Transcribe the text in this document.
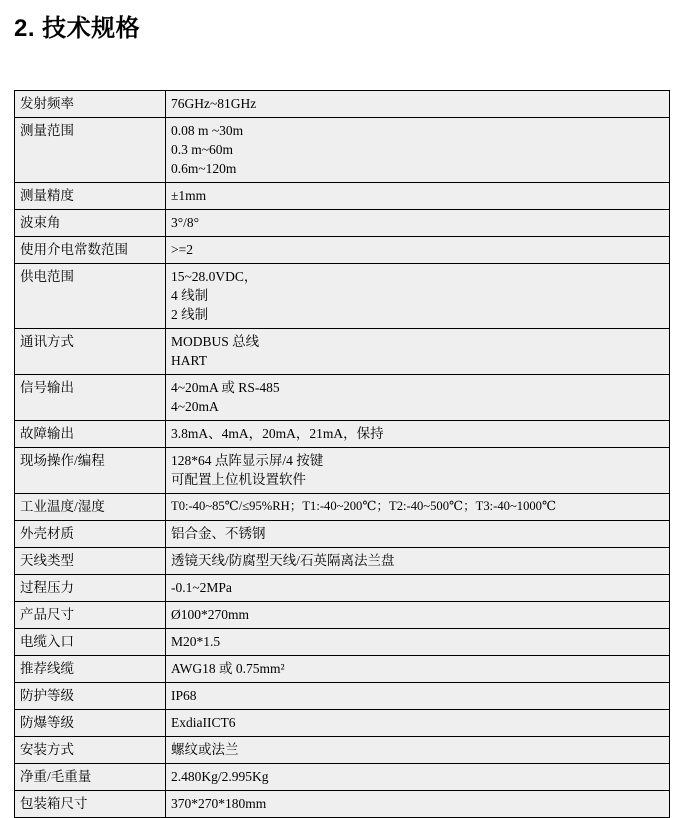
2. 技术规格
发射频率	76GHz~81GHz

测量范围	0.08 m ~30m
0.3 m~60m
0.6m~120m

测量精度	±1mm

波束角	3°/8°

使用介电常数范围	>=2

供电范围	15~28.0VDC，
4 线制
2 线制

通讯方式	MODBUS 总线
HART

信号输出	4~20mA 或 RS-485
4~20mA

故障输出	3.8mA、4mA，20mA，21mA，保持

现场操作/编程	128*64 点阵显示屏/4 按键
可配置上位机设置软件

工业温度/湿度	T0:-40~85℃/≤95%RH；T1:-40~200℃；T2:-40~500℃；T3:-40~1000℃

外壳材质	铝合金、不锈钢

天线类型	透镜天线/防腐型天线/石英隔离法兰盘

过程压力	-0.1~2MPa

产品尺寸	Ø100*270mm

电缆入口	M20*1.5

推荐线缆	AWG18 或 0.75mm²

防护等级	IP68

防爆等级	ExdiaIICT6

安装方式	螺纹或法兰

净重/毛重量	2.480Kg/2.995Kg

包装箱尺寸	370*270*180mm
